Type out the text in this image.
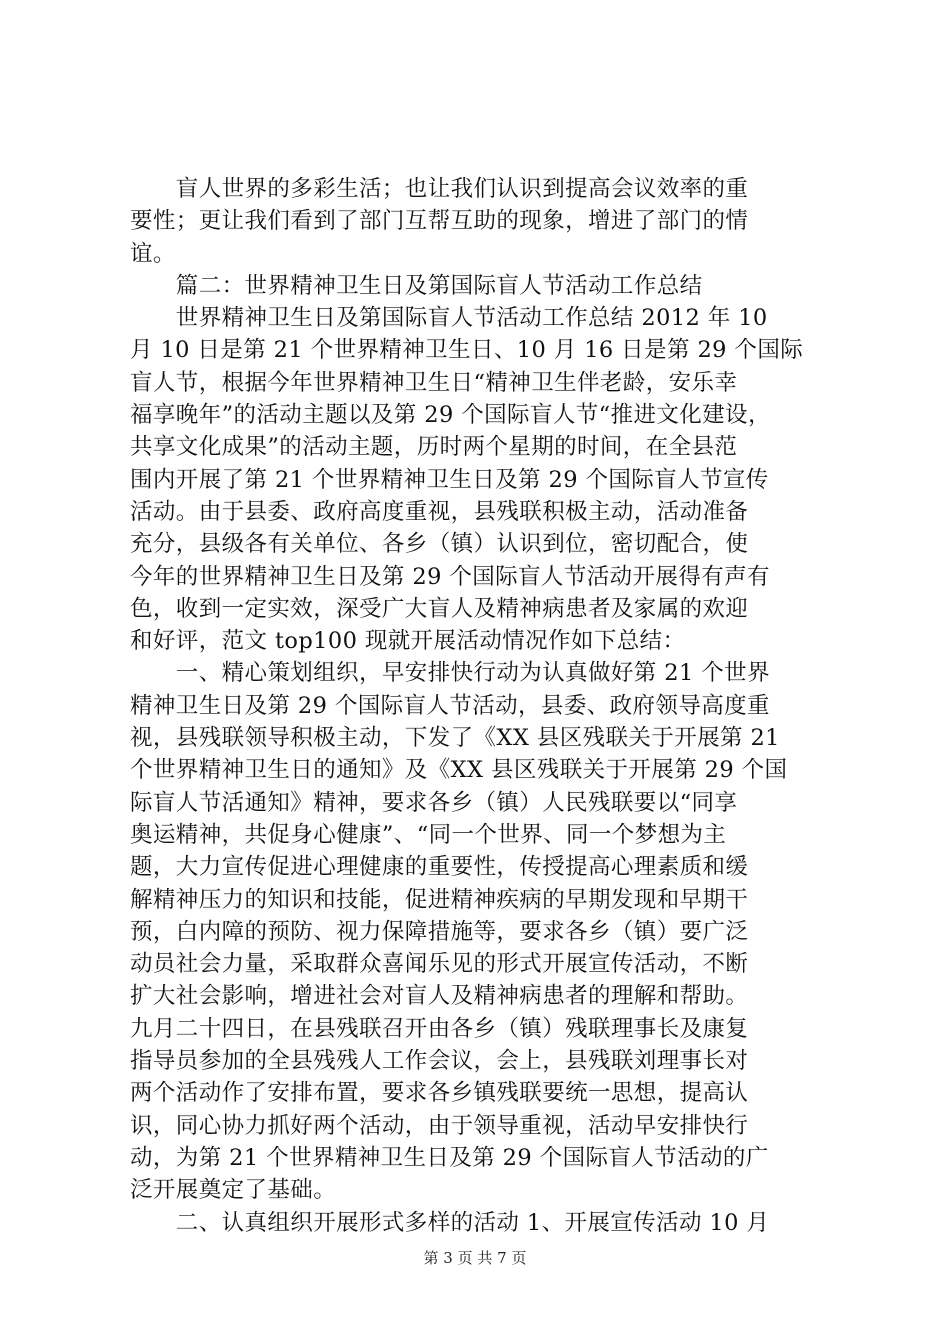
　　盲人世界的多彩生活；也让我们认识到提高会议效率的重
要性；更让我们看到了部门互帮互助的现象，增进了部门的情
谊。
　　篇二：世界精神卫生日及第国际盲人节活动工作总结
　　世界精神卫生日及第国际盲人节活动工作总结 2012 年 10
月 10 日是第 21 个世界精神卫生日、10 月 16 日是第 29 个国际
盲人节，根据今年世界精神卫生日“精神卫生伴老龄，安乐幸
福享晚年”的活动主题以及第 29 个国际盲人节“推进文化建设，
共享文化成果”的活动主题，历时两个星期的时间，在全县范
围内开展了第 21 个世界精神卫生日及第 29 个国际盲人节宣传
活动。由于县委、政府高度重视，县残联积极主动，活动准备
充分，县级各有关单位、各乡（镇）认识到位，密切配合，使
今年的世界精神卫生日及第 29 个国际盲人节活动开展得有声有
色，收到一定实效，深受广大盲人及精神病患者及家属的欢迎
和好评，范文 top100 现就开展活动情况作如下总结：
　　一、精心策划组织，早安排快行动为认真做好第 21 个世界
精神卫生日及第 29 个国际盲人节活动，县委、政府领导高度重
视，县残联领导积极主动，下发了《XX 县区残联关于开展第 21
个世界精神卫生日的通知》及《XX 县区残联关于开展第 29 个国
际盲人节活通知》精神，要求各乡（镇）人民残联要以“同享
奥运精神，共促身心健康”、“同一个世界、同一个梦想为主
题，大力宣传促进心理健康的重要性，传授提高心理素质和缓
解精神压力的知识和技能，促进精神疾病的早期发现和早期干
预，白内障的预防、视力保障措施等，要求各乡（镇）要广泛
动员社会力量，采取群众喜闻乐见的形式开展宣传活动，不断
扩大社会影响，增进社会对盲人及精神病患者的理解和帮助。
九月二十四日，在县残联召开由各乡（镇）残联理事长及康复
指导员参加的全县残残人工作会议，会上，县残联刘理事长对
两个活动作了安排布置，要求各乡镇残联要统一思想，提高认
识，同心协力抓好两个活动，由于领导重视，活动早安排快行
动，为第 21 个世界精神卫生日及第 29 个国际盲人节活动的广
泛开展奠定了基础。
　　二、认真组织开展形式多样的活动 1、开展宣传活动 10 月
第 3 页 共 7 页
